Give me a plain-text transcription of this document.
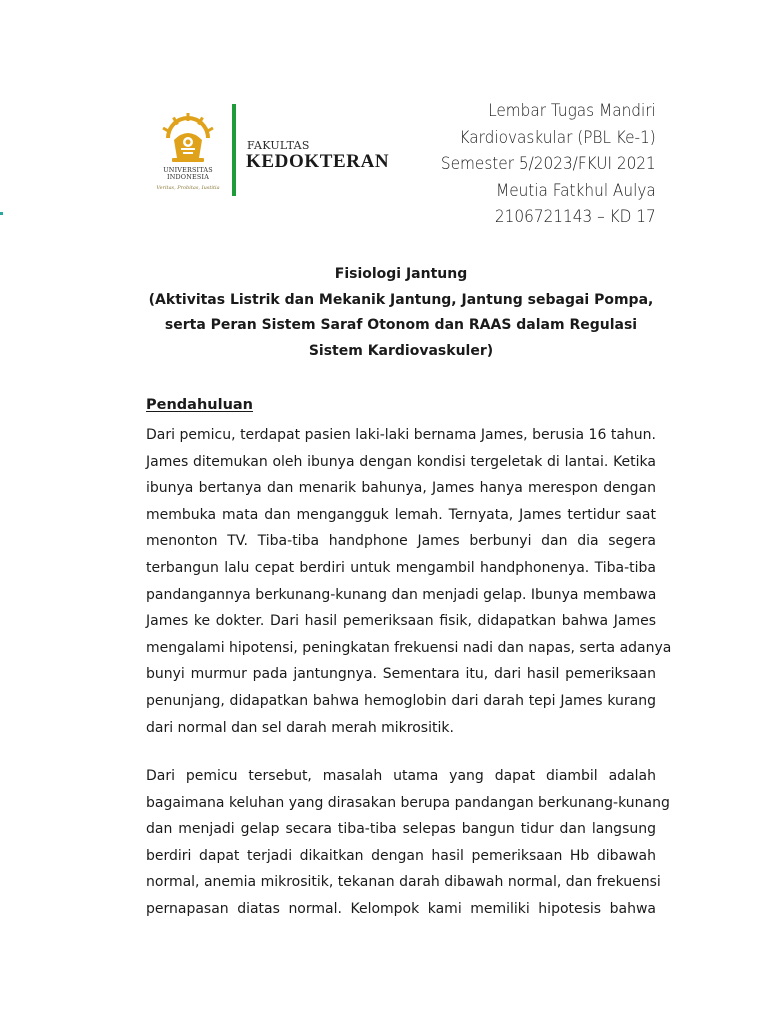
UNIVERSITAS
INDONESIA
Veritas, Probitas, Iustitia
FAKULTAS
KEDOKTERAN
Lembar Tugas Mandiri
Kardiovaskular (PBL Ke-1)
Semester 5/2023/FKUI 2021
Meutia Fatkhul Aulya
2106721143 – KD 17
Fisiologi Jantung
(Aktivitas Listrik dan Mekanik Jantung, Jantung sebagai Pompa,
serta Peran Sistem Saraf Otonom dan RAAS dalam Regulasi
Sistem Kardiovaskuler)
Pendahuluan
Dari pemicu, terdapat pasien laki-laki bernama James, berusia 16 tahun.
James ditemukan oleh ibunya dengan kondisi tergeletak di lantai. Ketika
ibunya bertanya dan menarik bahunya, James hanya merespon dengan
membuka mata dan mengangguk lemah. Ternyata, James tertidur saat
menonton TV. Tiba-tiba handphone James berbunyi dan dia segera
terbangun lalu cepat berdiri untuk mengambil handphonenya. Tiba-tiba
pandangannya berkunang-kunang dan menjadi gelap. Ibunya membawa
James ke dokter. Dari hasil pemeriksaan fisik, didapatkan bahwa James
mengalami hipotensi, peningkatan frekuensi nadi dan napas, serta adanya
bunyi murmur pada jantungnya. Sementara itu, dari hasil pemeriksaan
penunjang, didapatkan bahwa hemoglobin dari darah tepi James kurang
dari normal dan sel darah merah mikrositik.
Dari pemicu tersebut, masalah utama yang dapat diambil adalah
bagaimana keluhan yang dirasakan berupa pandangan berkunang-kunang
dan menjadi gelap secara tiba-tiba selepas bangun tidur dan langsung
berdiri dapat terjadi dikaitkan dengan hasil pemeriksaan Hb dibawah
normal, anemia mikrositik, tekanan darah dibawah normal, dan frekuensi
pernapasan diatas normal. Kelompok kami memiliki hipotesis bahwa
